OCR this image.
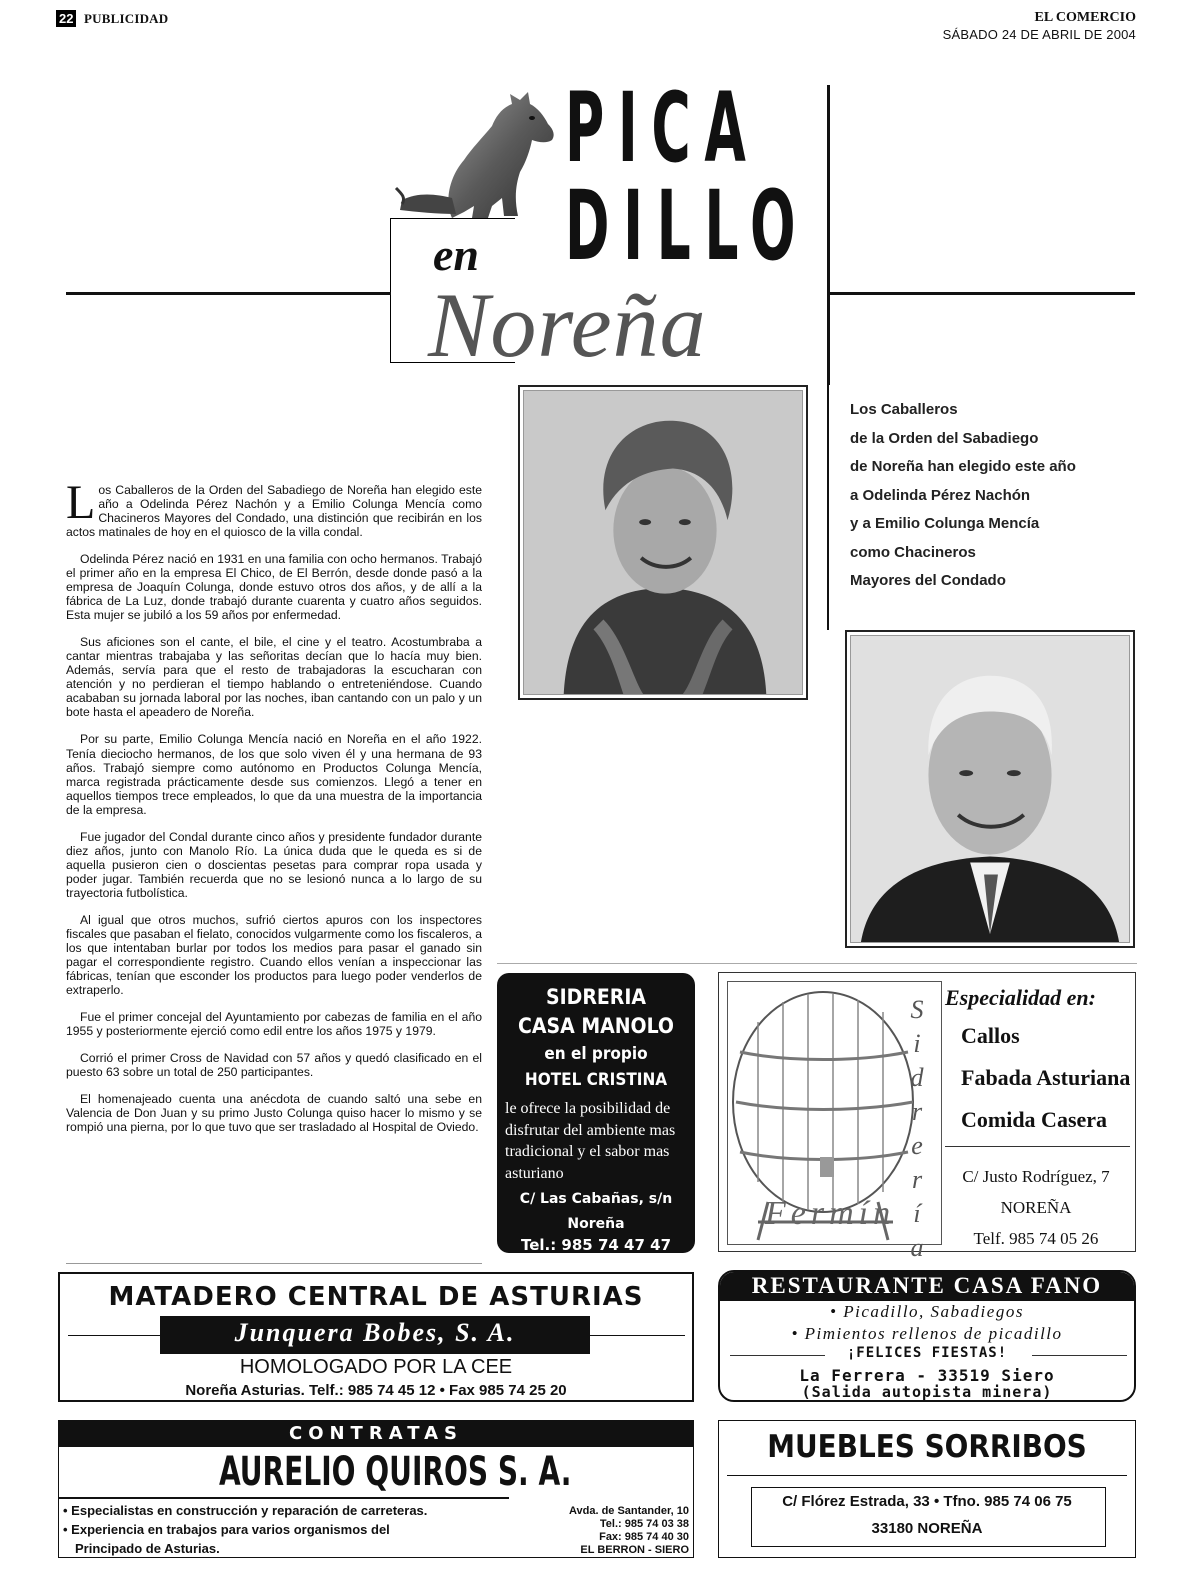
22 PUBLICIDAD	EL COMERCIO
SÁBADO 24 DE ABRIL DE 2004
PICA
DILLO
en
Noreña

Los Caballeros de la Orden del Sabadiego de Noreña han elegido este año a Odelinda Pérez Nachón y a Emilio Colunga Mencía como Chacineros Mayores del Condado, una distinción que recibirán en los actos matinales de hoy en el quiosco de la villa condal.

Odelinda Pérez nació en 1931 en una familia con ocho hermanos. Trabajó el primer año en la empresa El Chico, de El Berrón, desde donde pasó a la empresa de Joaquín Colunga, donde estuvo otros dos años, y de allí a la fábrica de La Luz, donde trabajó durante cuarenta y cuatro años seguidos. Esta mujer se jubiló a los 59 años por enfermedad.

Sus aficiones son el cante, el bile, el cine y el teatro. Acostumbraba a cantar mientras trabajaba y las señoritas decían que lo hacía muy bien. Además, servía para que el resto de trabajadoras la escucharan con atención y no perdieran el tiempo hablando o entreteniéndose. Cuando acababan su jornada laboral por las noches, iban cantando con un palo y un bote hasta el apeadero de Noreña.

Por su parte, Emilio Colunga Mencía nació en Noreña en el año 1922. Tenía dieciocho hermanos, de los que solo viven él y una hermana de 93 años. Trabajó siempre como autónomo en Productos Colunga Mencía, marca registrada prácticamente desde sus comienzos. Llegó a tener en aquellos tiempos trece empleados, lo que da una muestra de la importancia de la empresa.

Fue jugador del Condal durante cinco años y presidente fundador durante diez años, junto con Manolo Río. La única duda que le queda es si de aquella pusieron cien o doscientas pesetas para comprar ropa usada y poder jugar. También recuerda que no se lesionó nunca a lo largo de su trayectoria futbolística.

Al igual que otros muchos, sufrió ciertos apuros con los inspectores fiscales que pasaban el fielato, conocidos vulgarmente como los fiscaleros, a los que intentaban burlar por todos los medios para pasar el ganado sin pagar el correspondiente registro. Cuando ellos venían a inspeccionar las fábricas, tenían que esconder los productos para luego poder venderlos de extraperlo.

Fue el primer concejal del Ayuntamiento por cabezas de familia en el año 1955 y posteriormente ejerció como edil entre los años 1975 y 1979.

Corrió el primer Cross de Navidad con 57 años y quedó clasificado en el puesto 63 sobre un total de 250 participantes.

El homenajeado cuenta una anécdota de cuando saltó una sebe en Valencia de Don Juan y su primo Justo Colunga quiso hacer lo mismo y se rompió una pierna, por lo que tuvo que ser trasladado al Hospital de Oviedo.

Los Caballeros
de la Orden del Sabadiego
de Noreña han elegido este año
a Odelinda Pérez Nachón
y a Emilio Colunga Mencía
como Chacineros
Mayores del Condado
SIDRERIA
CASA MANOLO
en el propio
HOTEL CRISTINA
le ofrece la posibilidad de disfrutar del ambiente mas tradicional y el sabor mas asturiano
C/ Las Cabañas, s/n
Noreña
Tel.: 985 74 47 47
S
i
d
r
e
r
í
a
Fermín
Especialidad en:
Callos
Fabada Asturiana
Comida Casera
C/ Justo Rodríguez, 7
NOREÑA
Telf. 985 74 05 26
MATADERO CENTRAL DE ASTURIAS
Junquera Bobes, S. A.
HOMOLOGADO POR LA CEE
Noreña Asturias. Telf.: 985 74 45 12 • Fax 985 74 25 20
RESTAURANTE CASA FANO
• Picadillo, Sabadiegos
• Pimientos rellenos de picadillo
¡FELICES FIESTAS!
La Ferrera - 33519 Siero
(Salida autopista minera)
CONTRATAS
AURELIO QUIROS S. A.
• Especialistas en construcción y reparación de carreteras.
• Experiencia en trabajos para varios organismos del
Principado de Asturias.
Avda. de Santander, 10
Tel.: 985 74 03 38
Fax: 985 74 40 30
EL BERRON - SIERO
MUEBLES SORRIBOS
C/ Flórez Estrada, 33 • Tfno. 985 74 06 75
33180 NOREÑA
